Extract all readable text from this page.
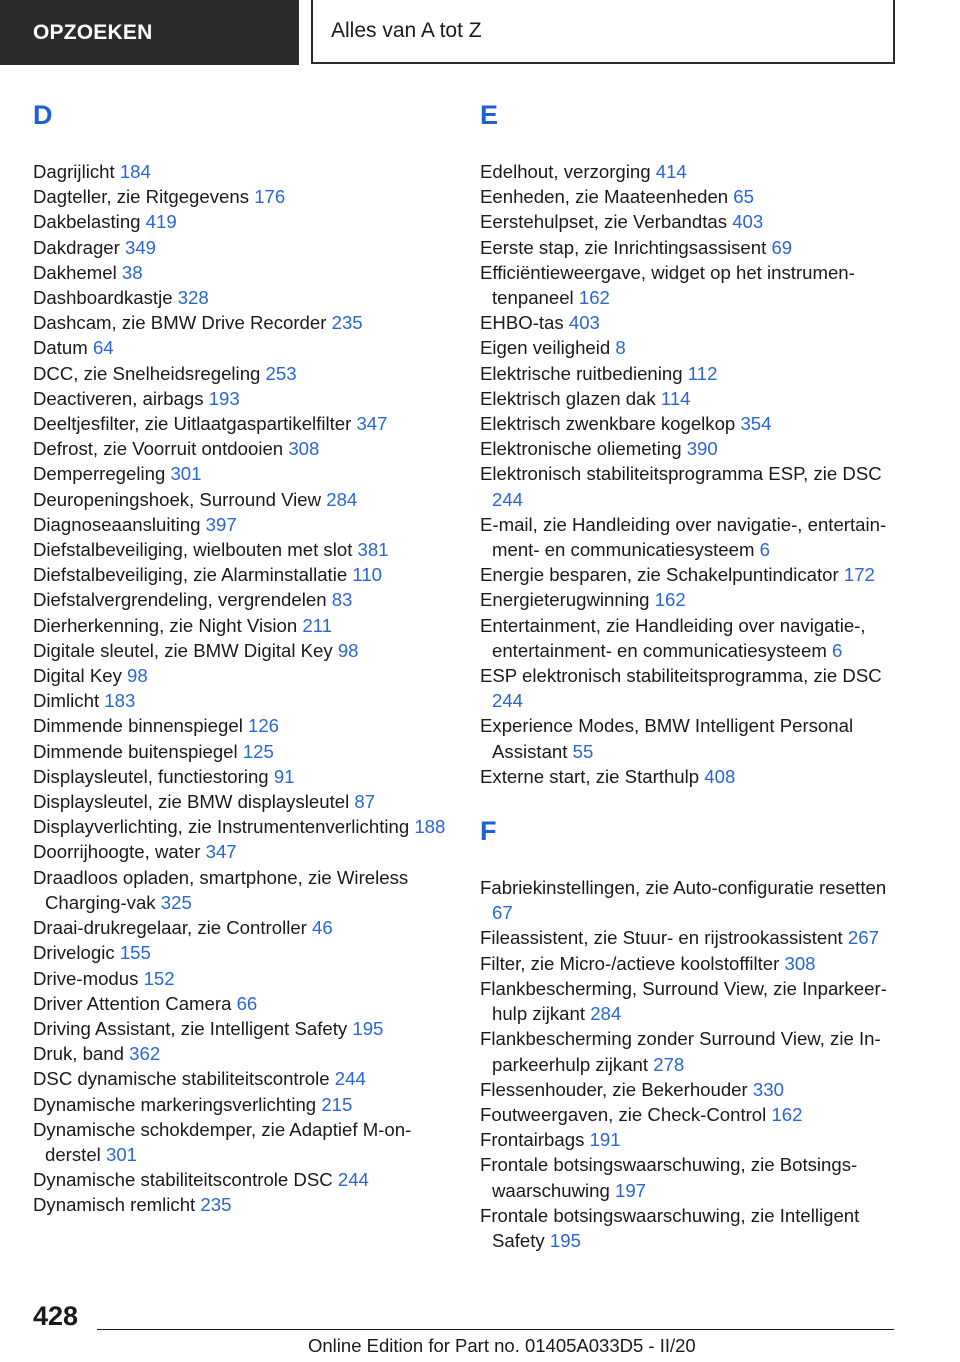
OPZOEKEN	Alles van A tot Z
D
Dagrijlicht 184
Dagteller, zie Ritgegevens 176
Dakbelasting 419
Dakdrager 349
Dakhemel 38
Dashboardkastje 328
Dashcam, zie BMW Drive Recorder 235
Datum 64
DCC, zie Snelheidsregeling 253
Deactiveren, airbags 193
Deeltjesfilter, zie Uitlaatgaspartikelfilter 347
Defrost, zie Voorruit ontdooien 308
Demperregeling 301
Deuropeningshoek, Surround View 284
Diagnoseaansluiting 397
Diefstalbeveiliging, wielbouten met slot 381
Diefstalbeveiliging, zie Alarminstallatie 110
Diefstalvergrendeling, vergrendelen 83
Dierherkenning, zie Night Vision 211
Digitale sleutel, zie BMW Digital Key 98
Digital Key 98
Dimlicht 183
Dimmende binnenspiegel 126
Dimmende buitenspiegel 125
Displaysleutel, functiestoring 91
Displaysleutel, zie BMW displaysleutel 87
Displayverlichting, zie Instrumentenverlichting 188
Doorrijhoogte, water 347
Draadloos opladen, smartphone, zie Wireless Charging-vak 325
Draai-drukregelaar, zie Controller 46
Drivelogic 155
Drive-modus 152
Driver Attention Camera 66
Driving Assistant, zie Intelligent Safety 195
Druk, band 362
DSC dynamische stabiliteitscontrole 244
Dynamische markeringsverlichting 215
Dynamische schokdemper, zie Adaptief M-onderstel 301
Dynamische stabiliteitscontrole DSC 244
Dynamisch remlicht 235
E
Edelhout, verzorging 414
Eenheden, zie Maateenheden 65
Eerstehulpset, zie Verbandtas 403
Eerste stap, zie Inrichtingsassisent 69
Efficiëntieweergave, widget op het instrumentenpaneel 162
EHBO-tas 403
Eigen veiligheid 8
Elektrische ruitbediening 112
Elektrisch glazen dak 114
Elektrisch zwenkbare kogelkop 354
Elektronische oliemeting 390
Elektronisch stabiliteitsprogramma ESP, zie DSC 244
E-mail, zie Handleiding over navigatie-, entertainment- en communicatiesysteem 6
Energie besparen, zie Schakelpuntindicator 172
Energieterugwinning 162
Entertainment, zie Handleiding over navigatie-, entertainment- en communicatiesysteem 6
ESP elektronisch stabiliteitsprogramma, zie DSC 244
Experience Modes, BMW Intelligent Personal Assistant 55
Externe start, zie Starthulp 408
F
Fabriekinstellingen, zie Auto-configuratie resetten 67
Fileassistent, zie Stuur- en rijstrookassistent 267
Filter, zie Micro-/actieve koolstoffilter 308
Flankbescherming, Surround View, zie Inparkeerhulp zijkant 284
Flankbescherming zonder Surround View, zie Inparkeerhulp zijkant 278
Flessenhouder, zie Bekerhouder 330
Foutweergaven, zie Check-Control 162
Frontairbags 191
Frontale botsingswaarschuwing, zie Botsingswaarschuwing 197
Frontale botsingswaarschuwing, zie Intelligent Safety 195
428
Online Edition for Part no. 01405A033D5 - II/20
